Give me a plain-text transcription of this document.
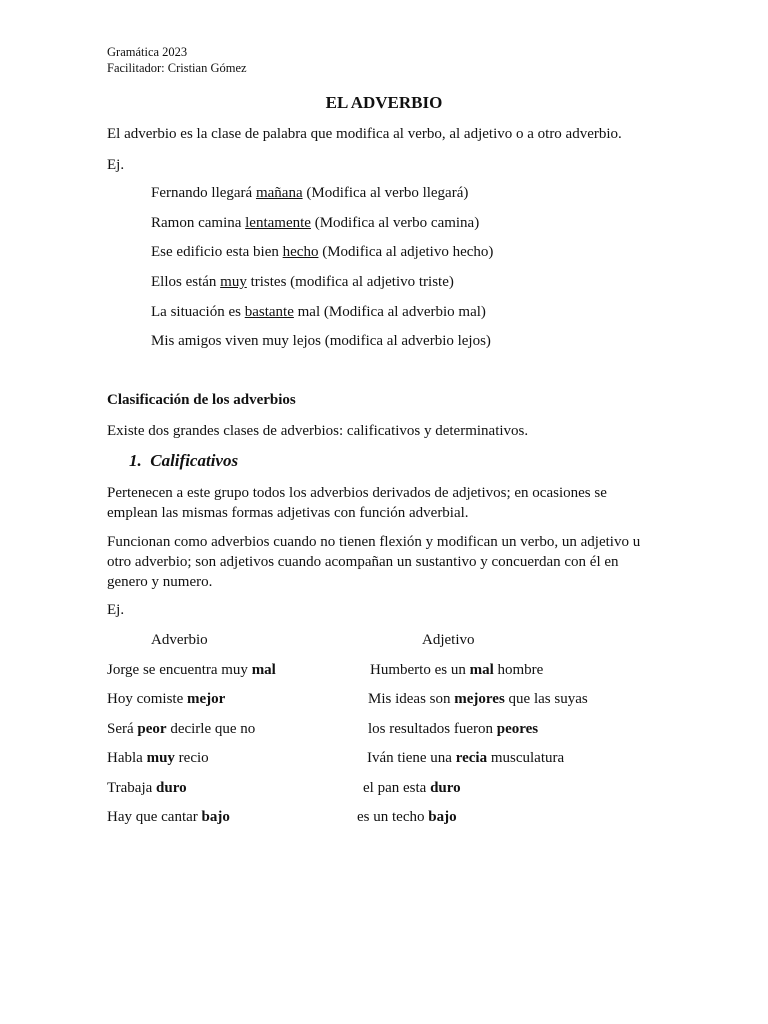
Gramática 2023
Facilitador: Cristian Gómez
EL ADVERBIO
El adverbio es la clase de palabra que modifica al verbo, al adjetivo o a otro adverbio.
Ej.
Fernando llegará mañana (Modifica al verbo llegará)
Ramon camina lentamente (Modifica al verbo camina)
Ese edificio esta bien hecho (Modifica al adjetivo hecho)
Ellos están muy tristes (modifica al adjetivo triste)
La situación es bastante mal (Modifica al adverbio mal)
Mis amigos viven muy lejos (modifica al adverbio lejos)
Clasificación de los adverbios
Existe dos grandes clases de adverbios: calificativos y determinativos.
1. Calificativos
Pertenecen a este grupo todos los adverbios derivados de adjetivos; en ocasiones se emplean las mismas formas adjetivas con función adverbial.
Funcionan como adverbios cuando no tienen flexión y modifican un verbo, un adjetivo u otro adverbio; son adjetivos cuando acompañan un sustantivo y concuerdan con él en genero y numero.
Ej.
Adverbio	Adjetivo
Jorge se encuentra muy mal
Hoy comiste mejor
Será peor decirle que no
Habla muy recio
Trabaja duro
Hay que cantar bajo
Humberto es un mal hombre
Mis ideas son mejores que las suyas
los resultados fueron peores
Iván tiene una recia musculatura
el pan esta duro
es un techo bajo
